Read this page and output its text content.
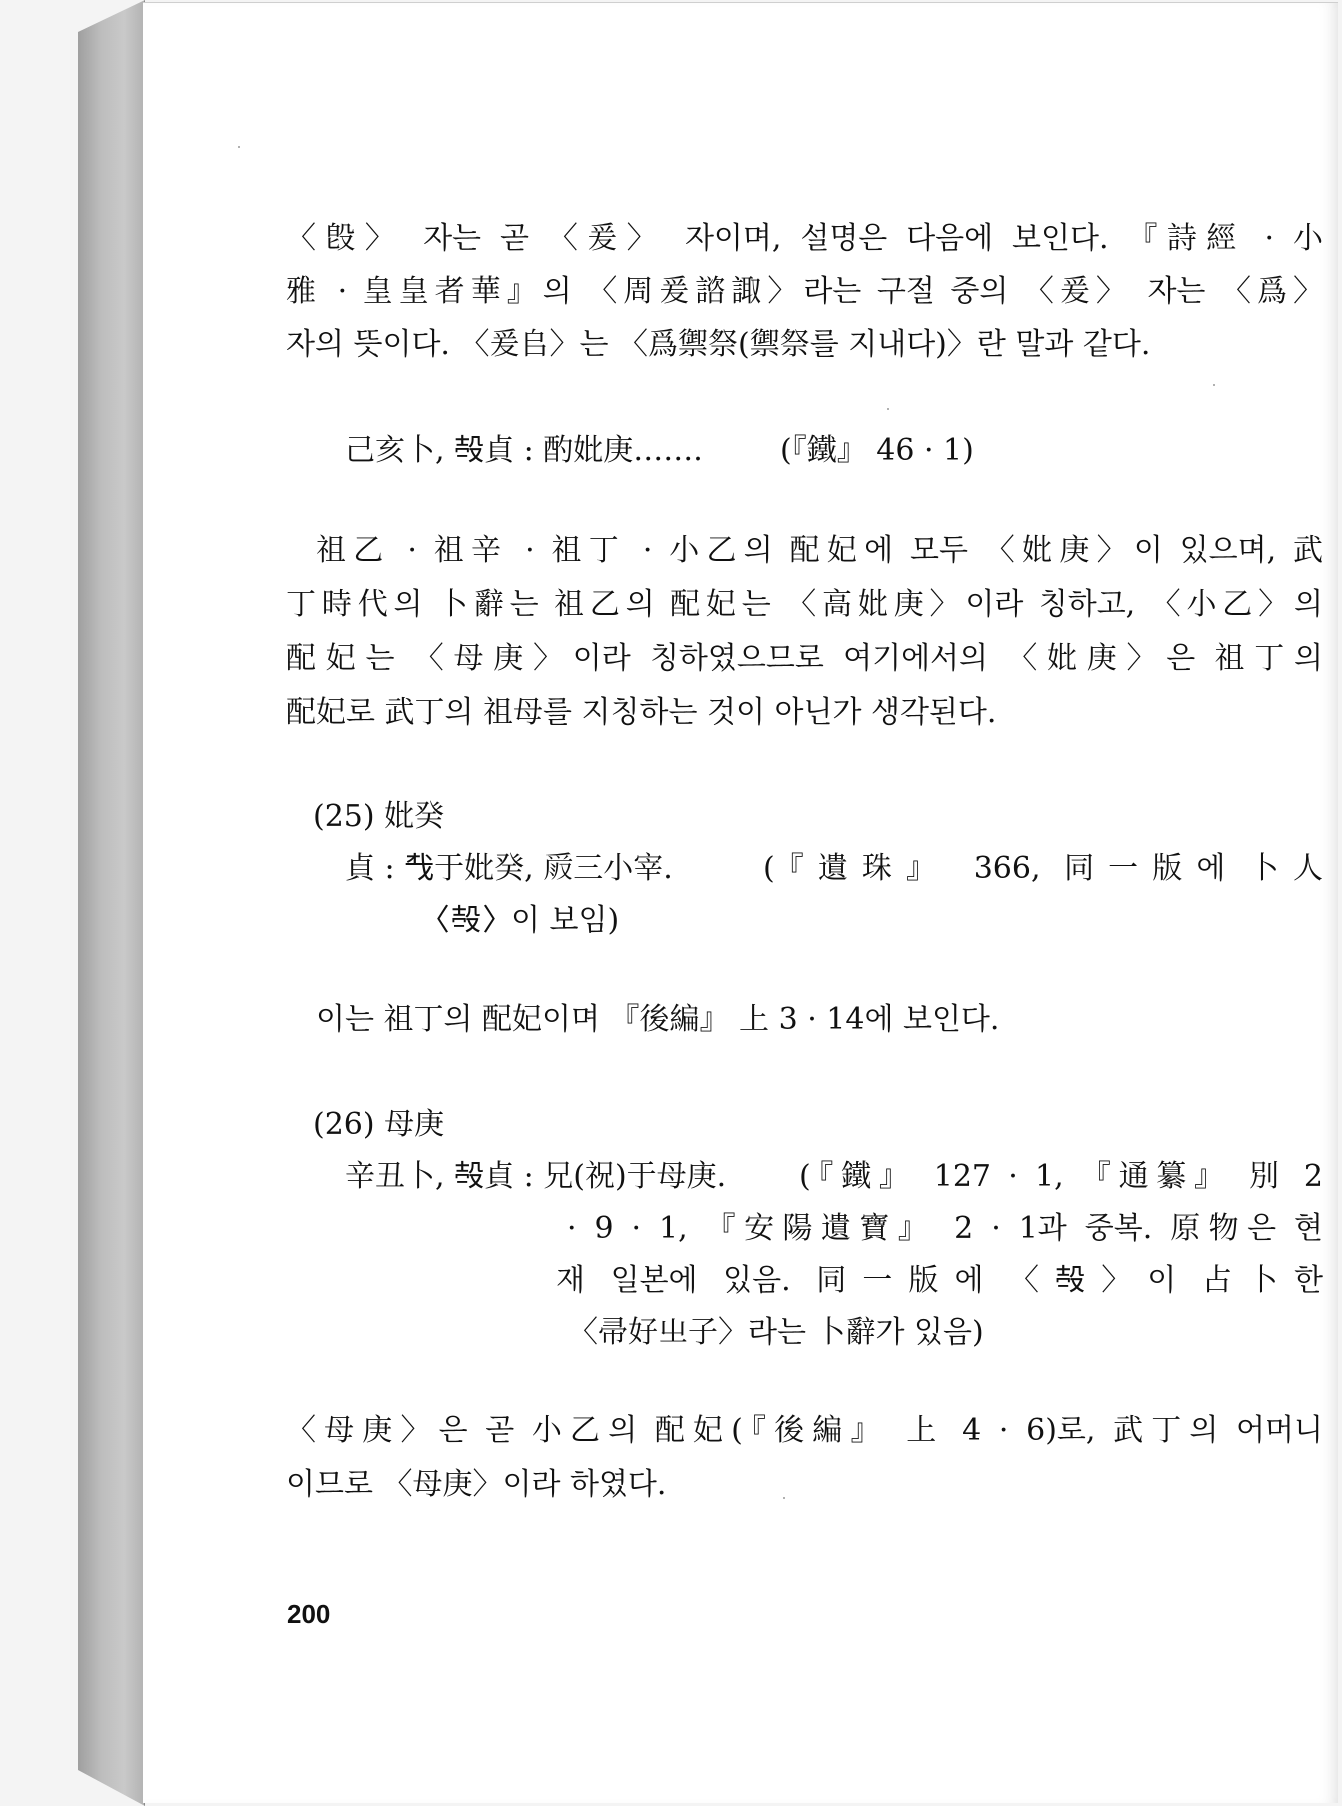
〈𣪘〉 자는 곧 〈爰〉 자이며, 설명은 다음에 보인다. 『詩經 · 小
雅 · 皇皇者華』의 〈周爰諮諏〉라는 구절 중의 〈爰〉 자는 〈爲〉
자의 뜻이다. 〈爰𠂤〉는 〈爲禦祭(禦祭를 지내다)〉란 말과 같다.
己亥卜, 𣪊貞 : 酌妣庚…….	(『鐵』 46 · 1)
祖乙 · 祖辛 · 祖丁 · 小乙의 配妃에 모두 〈妣庚〉이 있으며, 武
丁時代의 卜辭는 祖乙의 配妃는 〈高妣庚〉이라 칭하고, 〈小乙〉의
配妃는 〈母庚〉이라 칭하였으므로 여기에서의 〈妣庚〉은 祖丁의
配妃로 武丁의 祖母를 지칭하는 것이 아닌가 생각된다.
(25) 妣癸
貞 : 𢦔于妣癸, 𠭧三小宰.	(『遺珠』 366, 同一版에 卜人
〈𣪊〉이 보임)
이는 祖丁의 配妃이며 『後編』 上 3 · 14에 보인다.
(26) 母庚
辛丑卜, 𣪊貞 : 兄(祝)于母庚. (『鐵』 127 · 1, 『通纂』 別 2
· 9 · 1, 『安陽遺寶』 2 · 1과 중복. 原物은 현
재 일본에 있음. 同一版에 〈𣪊〉이 占卜한
〈帚好㞢子〉라는 卜辭가 있음)
〈母庚〉은 곧 小乙의 配妃(『後編』 上 4 · 6)로, 武丁의 어머니
이므로 〈母庚〉이라 하였다.
200
